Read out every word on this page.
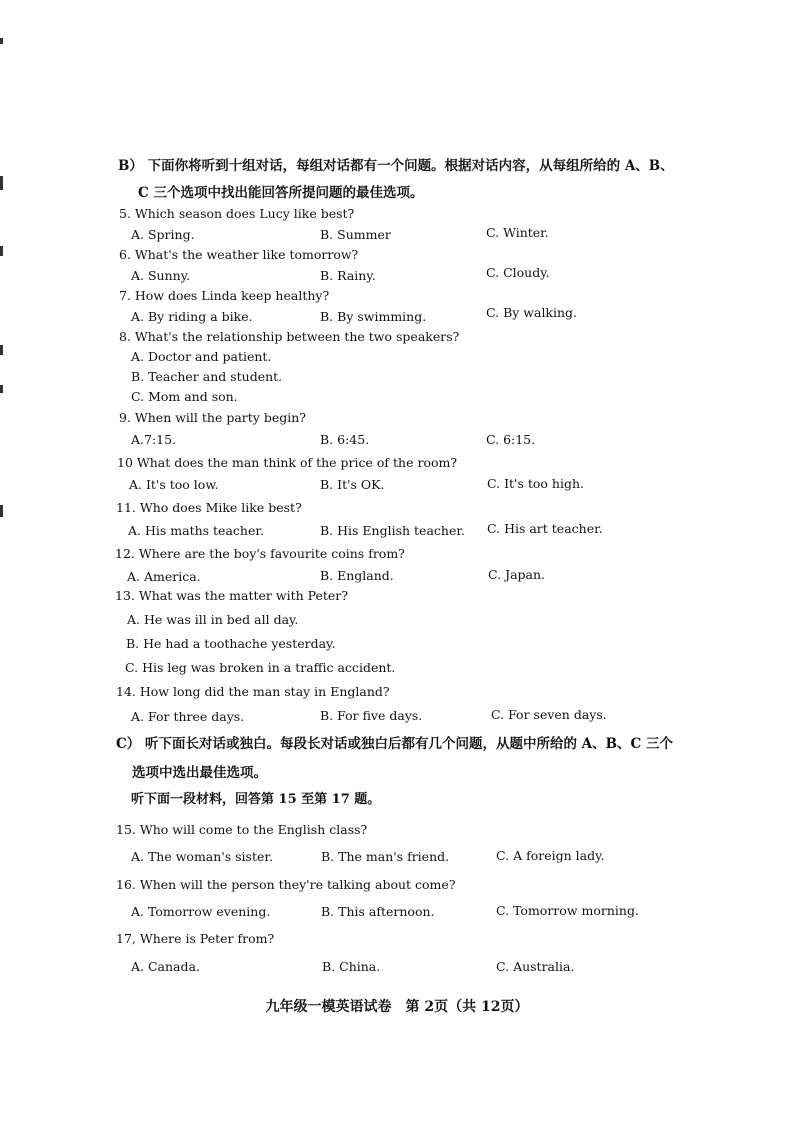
B） 下面你将听到十组对话，每组对话都有一个问题。根据对话内容，从每组所给的 A、B、
C 三个选项中找出能回答所提问题的最佳选项。
5. Which season does Lucy like best?
A. Spring.	B. Summer	C. Winter.
6. What's the weather like tomorrow?
A. Sunny.	B. Rainy.	C. Cloudy.
7. How does Linda keep healthy?
A. By riding a bike.	B. By swimming.	C. By walking.
8. What's the relationship between the two speakers?
A. Doctor and patient.
B. Teacher and student.
C. Mom and son.
9. When will the party begin?
A.7:15.	B. 6:45.	C. 6:15.
10 What does the man think of the price of the room?
A. It's too low.	B. It's OK.	C. It's too high.
11. Who does Mike like best?
A. His maths teacher.	B. His English teacher. C. His art teacher.
12. Where are the boy's favourite coins from?
A. America.	B. England.	C. Japan.
13. What was the matter with Peter?
A. He was ill in bed all day.
B. He had a toothache yesterday.
C. His leg was broken in a traffic accident.
14. How long did the man stay in England?
A. For three days.	B. For five days.	C. For seven days.
C） 听下面长对话或独白。每段长对话或独白后都有几个问题，从题中所给的 A、B、C 三个
选项中选出最佳选项。
听下面一段材料，回答第 15 至第 17 题。
15. Who will come to the English class?
A. The woman's sister.	B. The man's friend.	C. A foreign lady.
16. When will the person they're talking about come?
A. Tomorrow evening.	B. This afternoon.	C. Tomorrow morning.
17, Where is Peter from?
A. Canada.	B. China.	C. Australia.
九年级一模英语试卷　第 2页（共 12页）
